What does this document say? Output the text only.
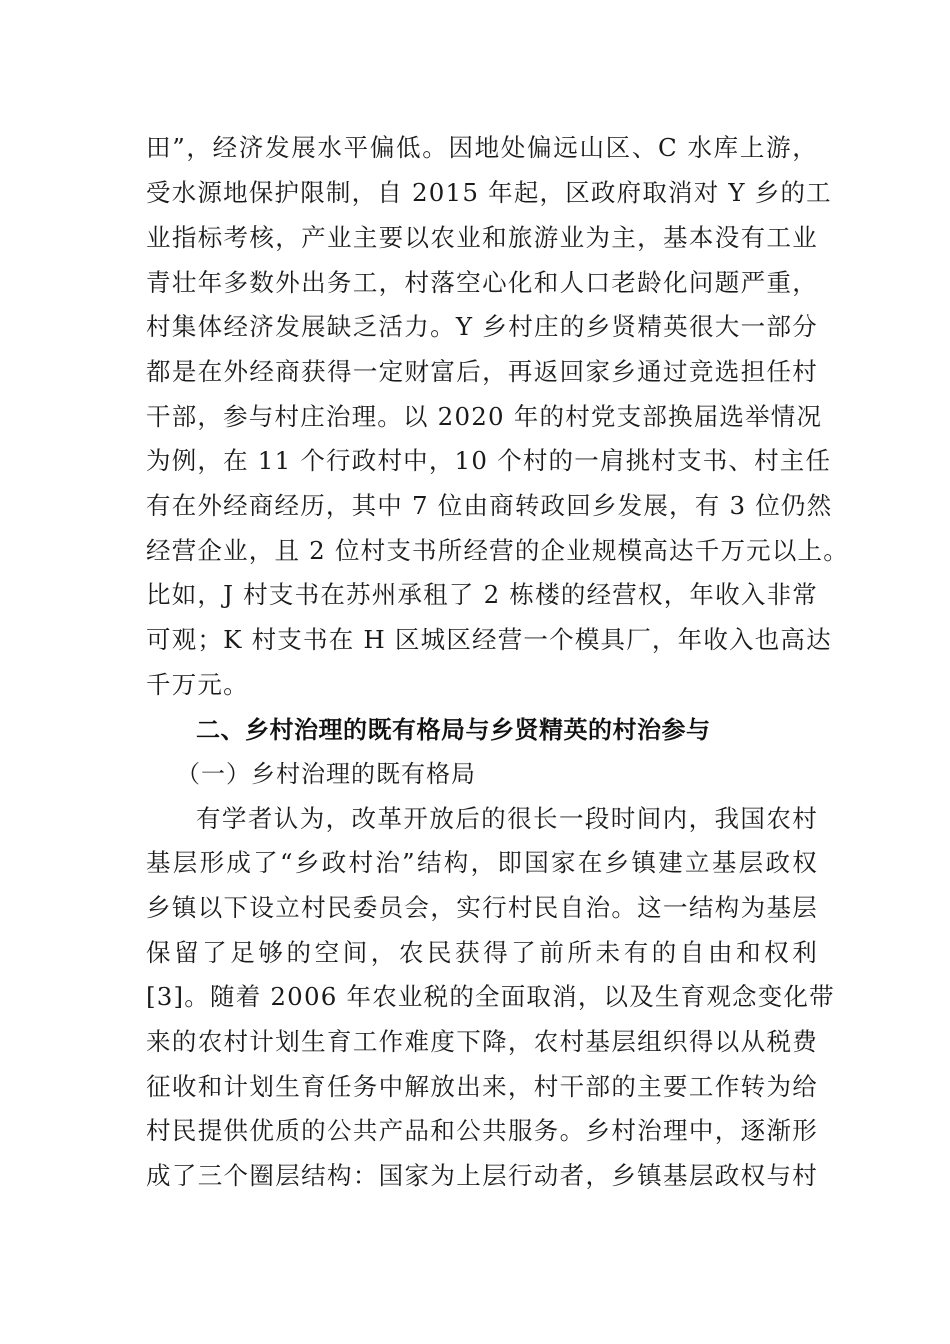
田”，经济发展水平偏低。因地处偏远山区、C 水库上游，
受水源地保护限制，自 2015 年起，区政府取消对 Y 乡的工
业指标考核，产业主要以农业和旅游业为主，基本没有工业
青壮年多数外出务工，村落空心化和人口老龄化问题严重，
村集体经济发展缺乏活力。Y 乡村庄的乡贤精英很大一部分
都是在外经商获得一定财富后，再返回家乡通过竞选担任村
干部，参与村庄治理。以 2020 年的村党支部换届选举情况
为例，在 11 个行政村中，10 个村的一肩挑村支书、村主任
有在外经商经历，其中 7 位由商转政回乡发展，有 3 位仍然
经营企业，且 2 位村支书所经营的企业规模高达千万元以上。
比如，J 村支书在苏州承租了 2 栋楼的经营权，年收入非常
可观；K 村支书在 H 区城区经营一个模具厂，年收入也高达
千万元。
二、乡村治理的既有格局与乡贤精英的村治参与
（一）乡村治理的既有格局
有学者认为，改革开放后的很长一段时间内，我国农村
基层形成了“乡政村治”结构，即国家在乡镇建立基层政权
乡镇以下设立村民委员会，实行村民自治。这一结构为基层
保留了足够的空间，农民获得了前所未有的自由和权利
[3]。随着 2006 年农业税的全面取消，以及生育观念变化带
来的农村计划生育工作难度下降，农村基层组织得以从税费
征收和计划生育任务中解放出来，村干部的主要工作转为给
村民提供优质的公共产品和公共服务。乡村治理中，逐渐形
成了三个圈层结构：国家为上层行动者，乡镇基层政权与村
